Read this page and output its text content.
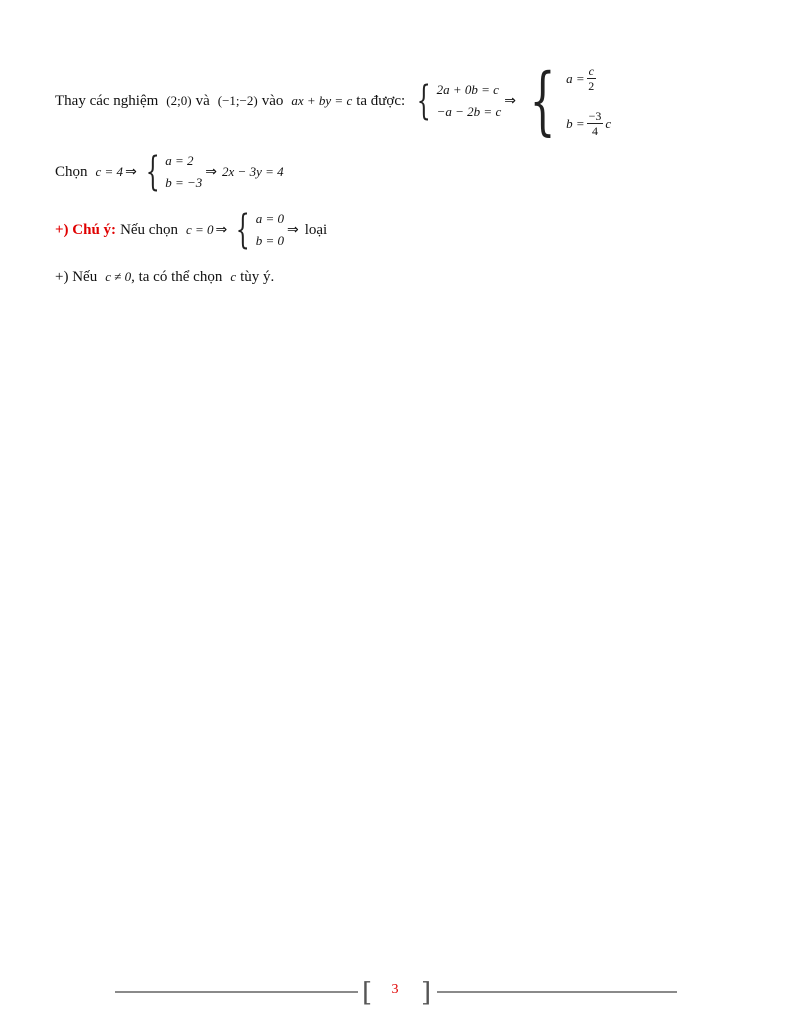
Thay các nghiệm (2;0) và (−1;−2) vào ax + by = c ta được: { 2a + 0b = c
−a − 2b = c
⇒ { $a = \frac{c}{2}$
$b = \frac{-3}{4}$ c
Chọn c = 4 ⇒ { a = 2
b = −3
⇒ 2x − 3y = 4
+) Chú ý: Nếu chọn c = 0 ⇒ { a = 0
b = 0
⇒ loại
+) Nếu c ≠ 0 , ta có thể chọn c tùy ý.
[	3 ]
